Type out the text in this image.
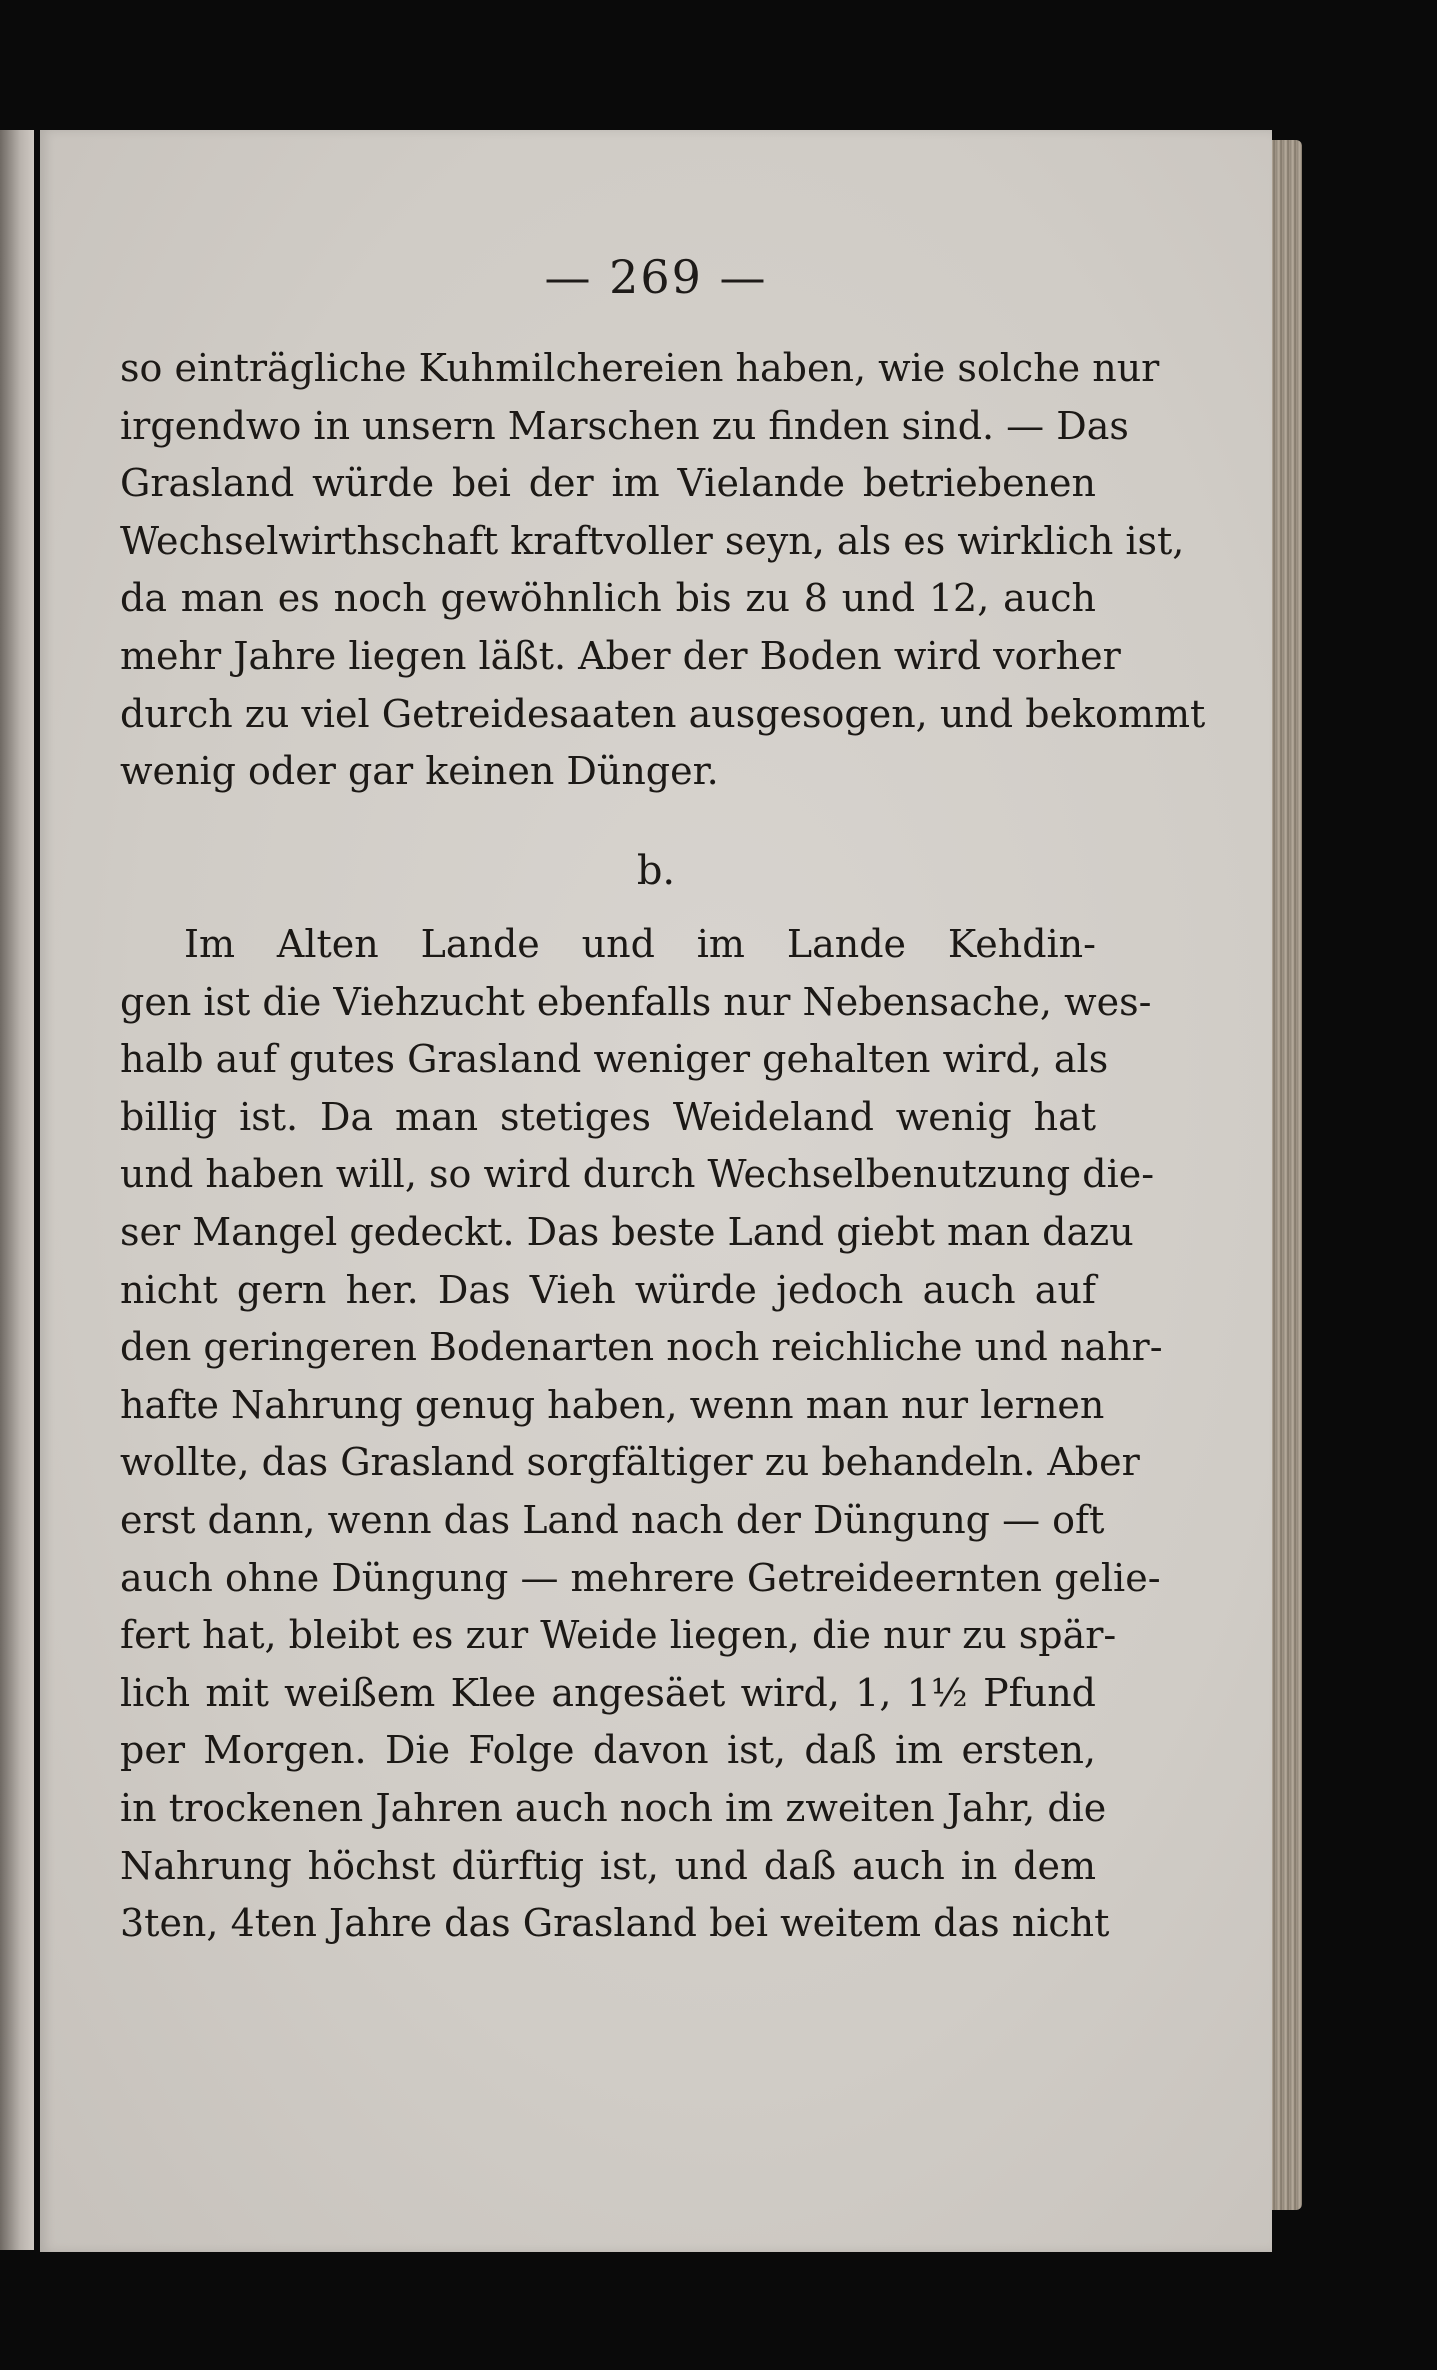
— 269 —
so einträgliche Kuhmilchereien haben, wie solche nur
irgendwo in unsern Marschen zu finden sind. — Das
Grasland würde bei der im Vielande betriebenen
Wechselwirthschaft kraftvoller seyn, als es wirklich ist,
da man es noch gewöhnlich bis zu 8 und 12, auch
mehr Jahre liegen läßt. Aber der Boden wird vorher
durch zu viel Getreidesaaten ausgesogen, und bekommt
wenig oder gar keinen Dünger.
b.
Im Alten Lande und im Lande Kehdin-
gen ist die Viehzucht ebenfalls nur Nebensache, wes-
halb auf gutes Grasland weniger gehalten wird, als
billig ist. Da man stetiges Weideland wenig hat
und haben will, so wird durch Wechselbenutzung die-
ser Mangel gedeckt. Das beste Land giebt man dazu
nicht gern her. Das Vieh würde jedoch auch auf
den geringeren Bodenarten noch reichliche und nahr-
hafte Nahrung genug haben, wenn man nur lernen
wollte, das Grasland sorgfältiger zu behandeln. Aber
erst dann, wenn das Land nach der Düngung — oft
auch ohne Düngung — mehrere Getreideernten gelie-
fert hat, bleibt es zur Weide liegen, die nur zu spär-
lich mit weißem Klee angesäet wird, 1, 1½ Pfund
per Morgen. Die Folge davon ist, daß im ersten,
in trockenen Jahren auch noch im zweiten Jahr, die
Nahrung höchst dürftig ist, und daß auch in dem
3ten, 4ten Jahre das Grasland bei weitem das nicht
